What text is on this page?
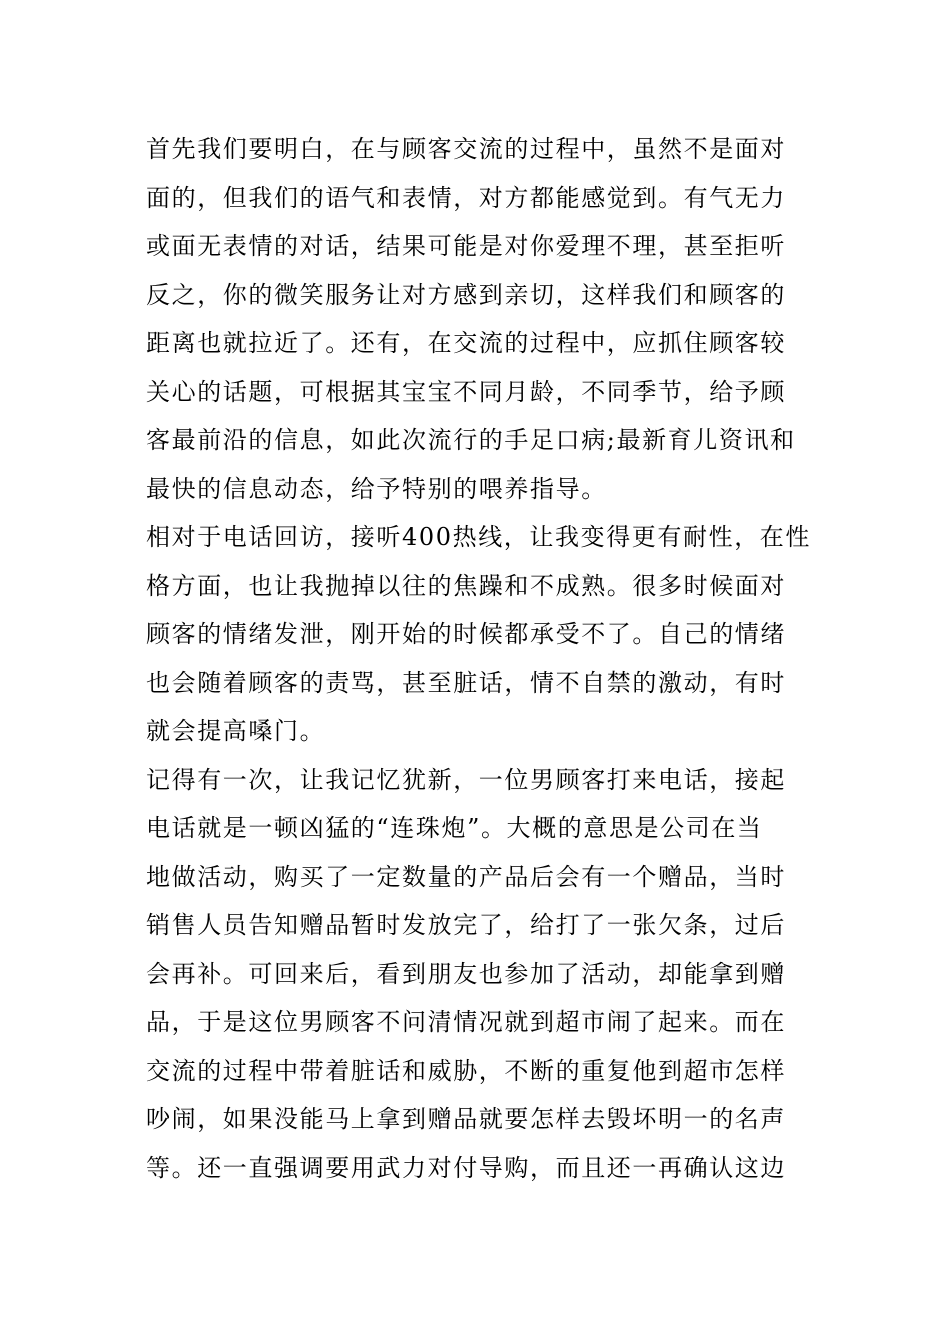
首先我们要明白，在与顾客交流的过程中，虽然不是面对
面的，但我们的语气和表情，对方都能感觉到。有气无力
或面无表情的对话，结果可能是对你爱理不理，甚至拒听
反之，你的微笑服务让对方感到亲切，这样我们和顾客的
距离也就拉近了。还有，在交流的过程中，应抓住顾客较
关心的话题，可根据其宝宝不同月龄，不同季节，给予顾
客最前沿的信息，如此次流行的手足口病;最新育儿资讯和
最快的信息动态，给予特别的喂养指导。
相对于电话回访，接听400热线，让我变得更有耐性，在性
格方面，也让我抛掉以往的焦躁和不成熟。很多时候面对
顾客的情绪发泄，刚开始的时候都承受不了。自己的情绪
也会随着顾客的责骂，甚至脏话，情不自禁的激动，有时
就会提高嗓门。
记得有一次，让我记忆犹新，一位男顾客打来电话，接起
电话就是一顿凶猛的“连珠炮”。大概的意思是公司在当
地做活动，购买了一定数量的产品后会有一个赠品，当时
销售人员告知赠品暂时发放完了，给打了一张欠条，过后
会再补。可回来后，看到朋友也参加了活动，却能拿到赠
品，于是这位男顾客不问清情况就到超市闹了起来。而在
交流的过程中带着脏话和威胁，不断的重复他到超市怎样
吵闹，如果没能马上拿到赠品就要怎样去毁坏明一的名声
等。还一直强调要用武力对付导购，而且还一再确认这边
